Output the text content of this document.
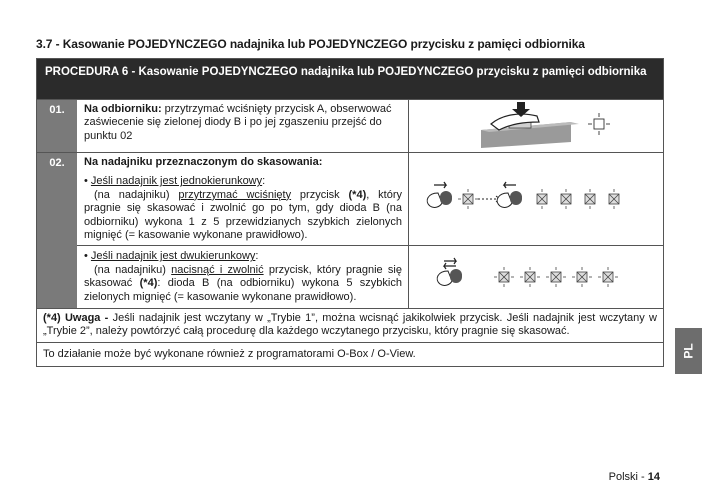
3.7 - Kasowanie POJEDYNCZEGO nadajnika lub POJEDYNCZEGO przycisku z pamięci odbiornika
PROCEDURA 6 - Kasowanie POJEDYNCZEGO nadajnika lub POJEDYNCZEGO przycisku z pamięci odbiornika
01.	Na odbiorniku: przytrzymać wciśnięty przycisk A, obserwować zaświecenie się zielonej diody B i po jej zgaszeniu przejść do punktu 02
02.	Na nadajniku przeznaczonym do skasowania:
• Jeśli nadajnik jest jednokierunkowy:
(na nadajniku) przytrzymać wciśnięty przycisk (*4), który pragnie się skasować i zwolnić go po tym, gdy dioda B (na odbiorniku) wykona 1 z 5 przewidzianych szybkich zielonych mignięć (= kasowanie wykonane prawidłowo).
• Jeśli nadajnik jest dwukierunkowy:
(na nadajniku) nacisnąć i zwolnić przycisk, który pragnie się skasować (*4): dioda B (na odbiorniku) wykona 5 szybkich zielonych mignięć (= kasowanie wykonane prawidłowo).
(*4) Uwaga - Jeśli nadajnik jest wczytany w „Trybie 1”, można wcisnąć jakikolwiek przycisk. Jeśli nadajnik jest wczytany w „Trybie 2”, należy powtórzyć całą procedurę dla każdego wczytanego przycisku, który pragnie się skasować.
To działanie może być wykonane również z programatorami O-Box / O-View.	PL
Polski - 14
